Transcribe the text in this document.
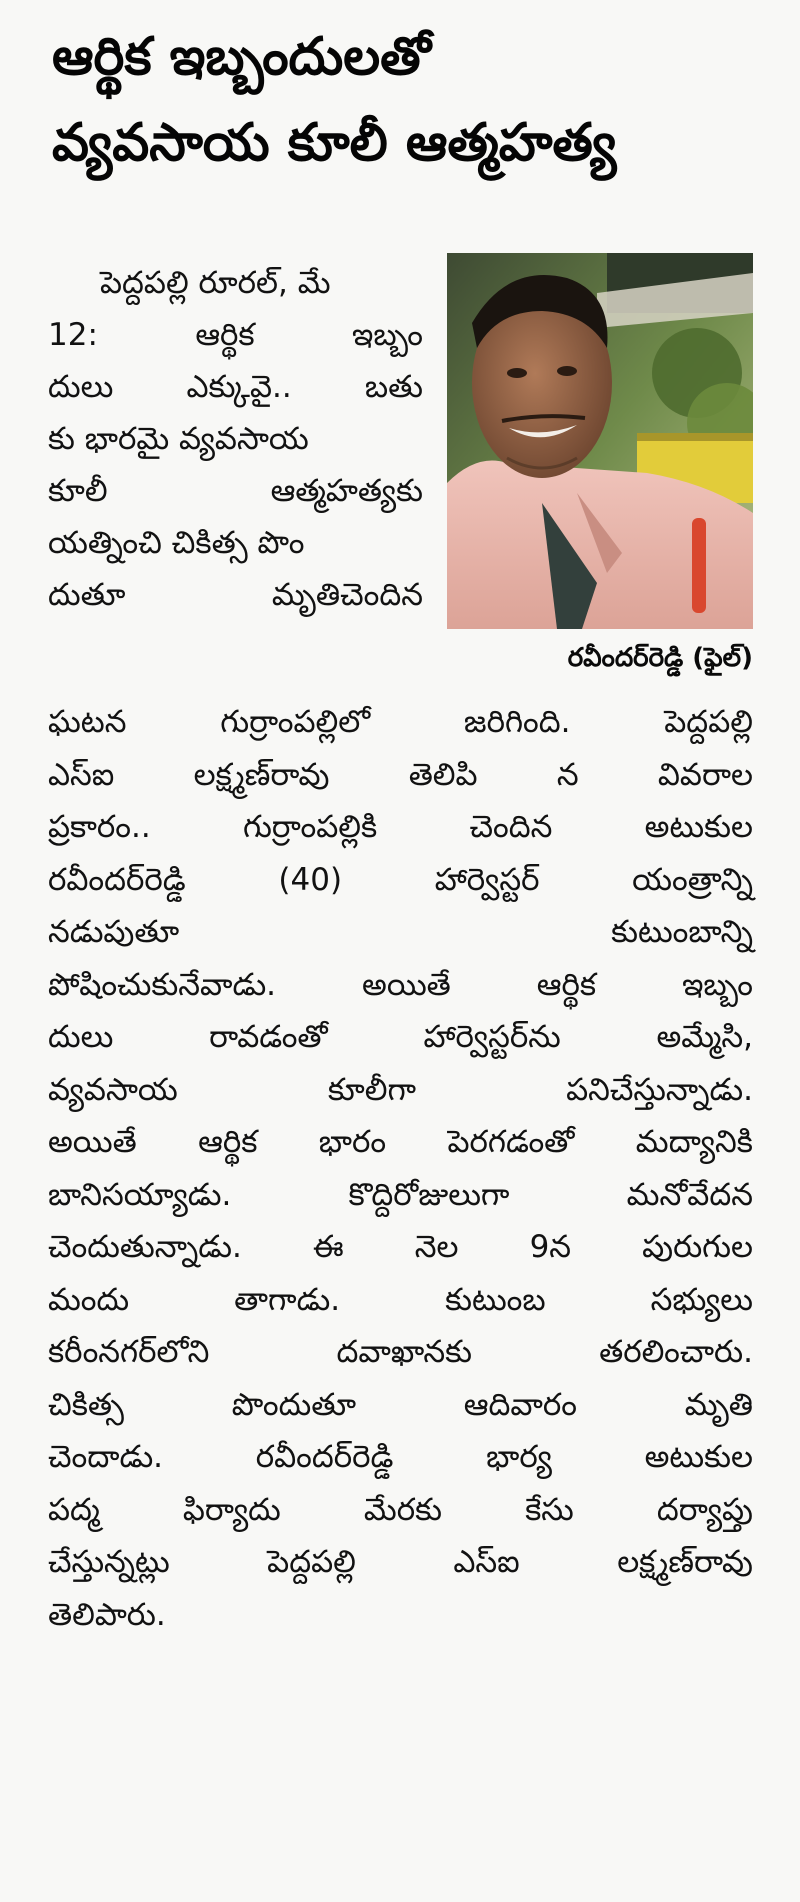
ఆర్థిక ఇబ్బందులతో
వ్యవసాయ కూలీ ఆత్మహత్య
పెద్దపల్లి రూరల్, మే
12:	ఆర్థిక	ఇబ్బం
దులు ఎక్కువై.. బతు
కు భారమై వ్యవసాయ
కూలీ	ఆత్మహత్యకు
యత్నించి చికిత్స పొం
దుతూ	మృతిచెందిన
రవీందర్‌రెడ్డి (ఫైల్)
ఘటన	గుర్రాంపల్లిలో	జరిగింది.	పెద్దపల్లి
ఎస్ఐ	లక్ష్మణ్‌రావు	తెలిపి	న	వివరాల
ప్రకారం..	గుర్రాంపల్లికి	చెందిన	అటుకుల
రవీందర్‌రెడ్డి	(40)	హార్వెస్టర్	యంత్రాన్ని
నడుపుతూ	కుటుంబాన్ని
పోషించుకునేవాడు.	అయితే	ఆర్థిక	ఇబ్బం
దులు	రావడంతో	హార్వెస్టర్‌ను	అమ్మేసి,
వ్యవసాయ	కూలీగా	పనిచేస్తున్నాడు.
అయితే ఆర్థిక భారం పెరగడంతో మద్యానికి
బానిసయ్యాడు.	కొద్దిరోజులుగా	మనోవేదన
చెందుతున్నాడు. ఈ నెల 9న పురుగుల
మందు	తాగాడు.	కుటుంబ	సభ్యులు
కరీంనగర్‌లోని	దవాఖానకు	తరలించారు.
చికిత్స	పొందుతూ	ఆదివారం	మృతి
చెందాడు.	రవీందర్‌రెడ్డి	భార్య	అటుకుల
పద్మ	ఫిర్యాదు	మేరకు	కేసు	దర్యాప్తు
చేస్తున్నట్లు	పెద్దపల్లి	ఎస్ఐ	లక్ష్మణ్‌రావు
తెలిపారు.
